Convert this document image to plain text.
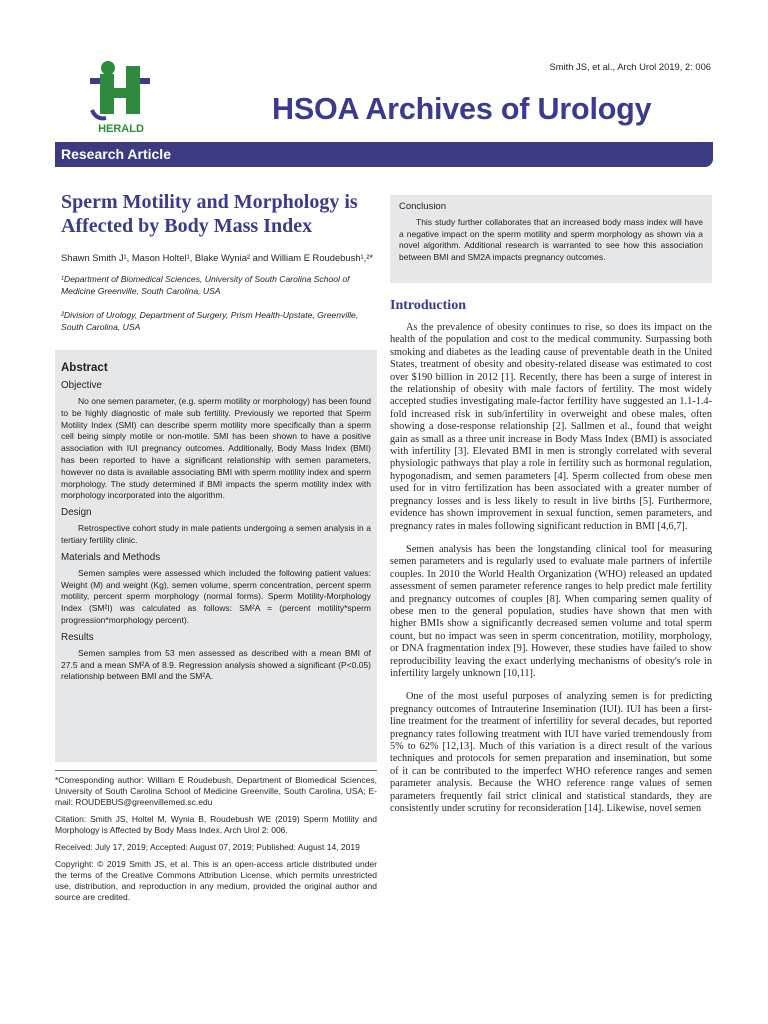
HERALD
Smith JS, et al., Arch Urol 2019, 2: 006
HSOA Archives of Urology
Research Article
Sperm Motility and Morphology is Affected by Body Mass Index

Shawn Smith J¹, Mason Holtel¹, Blake Wynia² and William E Roudebush¹,²*

¹Department of Biomedical Sciences, University of South Carolina School of Medicine Greenville, South Carolina, USA

²Division of Urology, Department of Surgery, Prism Health-Upstate, Greenville, South Carolina, USA

Abstract
Objective

No one semen parameter, (e.g. sperm motility or morphology) has been found to be highly diagnostic of male sub fertility. Previously we reported that Sperm Motility Index (SMI) can describe sperm motility more specifically than a sperm cell being simply motile or non-motile. SMI has been shown to have a positive association with IUI pregnancy outcomes. Additionally, Body Mass Index (BMI) has been reported to have a significant relationship with semen parameters, however no data is available associating BMI with sperm motility index and sperm morphology. The study determined if BMI impacts the sperm motility index with morphology incorporated into the algorithm.

Design

Retrospective cohort study in male patients undergoing a semen analysis in a tertiary fertility clinic.

Materials and Methods

Semen samples were assessed which included the following patient values: Weight (M) and weight (Kg), semen volume, sperm concentration, percent sperm motility, percent sperm morphology (normal forms). Sperm Motility-Morphology Index (SM²I) was calculated as follows: SM²A = (percent motility*sperm progression*morphology percent).

Results

Semen samples from 53 men assessed as described with a mean BMI of 27.5 and a mean SM²A of 8.9. Regression analysis showed a significant (P<0.05) relationship between BMI and the SM²A.

*Corresponding author: William E Roudebush, Department of Biomedical Sciences, University of South Carolina School of Medicine Greenville, South Carolina, USA; E-mail: ROUDEBUS@greenvillemed.sc.edu

Citation: Smith JS, Holtel M, Wynia B, Roudebush WE (2019) Sperm Motility and Morphology is Affected by Body Mass Index. Arch Urol 2: 006.

Received: July 17, 2019; Accepted: August 07, 2019; Published: August 14, 2019

Copyright: © 2019 Smith JS, et al. This is an open-access article distributed under the terms of the Creative Commons Attribution License, which permits unrestricted use, distribution, and reproduction in any medium, provided the original author and source are credited.

Conclusion

This study further collaborates that an increased body mass index will have a negative impact on the sperm motility and sperm morphology as shown via a novel algorithm. Additional research is warranted to see how this association between BMI and SM2A impacts pregnancy outcomes.

Introduction

As the prevalence of obesity continues to rise, so does its impact on the health of the population and cost to the medical community. Surpassing both smoking and diabetes as the leading cause of preventable death in the United States, treatment of obesity and obesity-related disease was estimated to cost over $190 billion in 2012 [1]. Recently, there has been a surge of interest in the relationship of obesity with male factors of fertility. The most widely accepted studies investigating male-factor fertility have suggested an 1.1-1.4-fold increased risk in sub/infertility in overweight and obese males, often showing a dose-response relationship [2]. Sallmen et al., found that weight gain as small as a three unit increase in Body Mass Index (BMI) is associated with infertility [3]. Elevated BMI in men is strongly correlated with several physiologic pathways that play a role in fertility such as hormonal regulation, hypogonadism, and semen parameters [4]. Sperm collected from obese men used for in vitro fertilization has been associated with a greater number of pregnancy losses and is less likely to result in live births [5]. Furthermore, evidence has shown improvement in sexual function, semen parameters, and pregnancy rates in males following significant reduction in BMI [4,6,7].

Semen analysis has been the longstanding clinical tool for measuring semen parameters and is regularly used to evaluate male partners of infertile couples. In 2010 the World Health Organization (WHO) released an updated assessment of semen parameter reference ranges to help predict male fertility and pregnancy outcomes of couples [8]. When comparing semen quality of obese men to the general population, studies have shown that men with higher BMIs show a significantly decreased semen volume and total sperm count, but no impact was seen in sperm concentration, motility, morphology, or DNA fragmentation index [9]. However, these studies have failed to show reproducibility leaving the exact underlying mechanisms of obesity's role in infertility largely unknown [10,11].

One of the most useful purposes of analyzing semen is for predicting pregnancy outcomes of Intrauterine Insemination (IUI). IUI has been a first-line treatment for the treatment of infertility for several decades, but reported pregnancy rates following treatment with IUI have varied tremendously from 5% to 62% [12,13]. Much of this variation is a direct result of the various techniques and protocols for semen preparation and insemination, but some of it can be contributed to the imperfect WHO reference ranges and semen parameter analysis. Because the WHO reference range values of semen parameters frequently fail strict clinical and statistical standards, they are consistently under scrutiny for reconsideration [14]. Likewise, novel semen
